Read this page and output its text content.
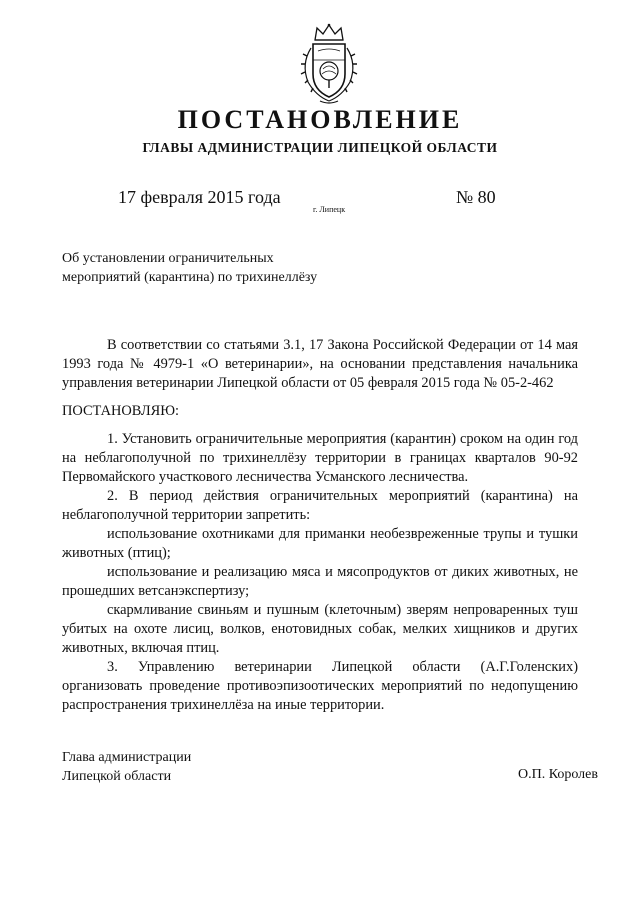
ПОСТАНОВЛЕНИЕ
ГЛАВЫ АДМИНИСТРАЦИИ ЛИПЕЦКОЙ ОБЛАСТИ
17 февраля 2015 года
г. Липецк
№ 80
Об установлении ограничительных
мероприятий (карантина) по трихинеллёзу

В соответствии со статьями 3.1, 17 Закона Российской Федерации от 14 мая 1993 года № 4979-1 «О ветеринарии», на основании представления начальника управления ветеринарии Липецкой области от 05 февраля 2015 года № 05-2-462

ПОСТАНОВЛЯЮ:

1. Установить ограничительные мероприятия (карантин) сроком на один год на неблагополучной по трихинеллёзу территории в границах кварталов 90-92 Первомайского участкового лесничества Усманского лесничества.

2. В период действия ограничительных мероприятий (карантина) на неблагополучной территории запретить:

использование охотниками для приманки необезвреженные трупы и тушки животных (птиц);

использование и реализацию мяса и мясопродуктов от диких животных, не прошедших ветсанэкспертизу;

скармливание свиньям и пушным (клеточным) зверям непроваренных туш убитых на охоте лисиц, волков, енотовидных собак, мелких хищников и других животных, включая птиц.

3. Управлению ветеринарии Липецкой области (А.Г.Голенских) организовать проведение противоэпизоотических мероприятий по недопущению распространения трихинеллёза на иные территории.

Глава администрации
Липецкой области	О.П. Королев
